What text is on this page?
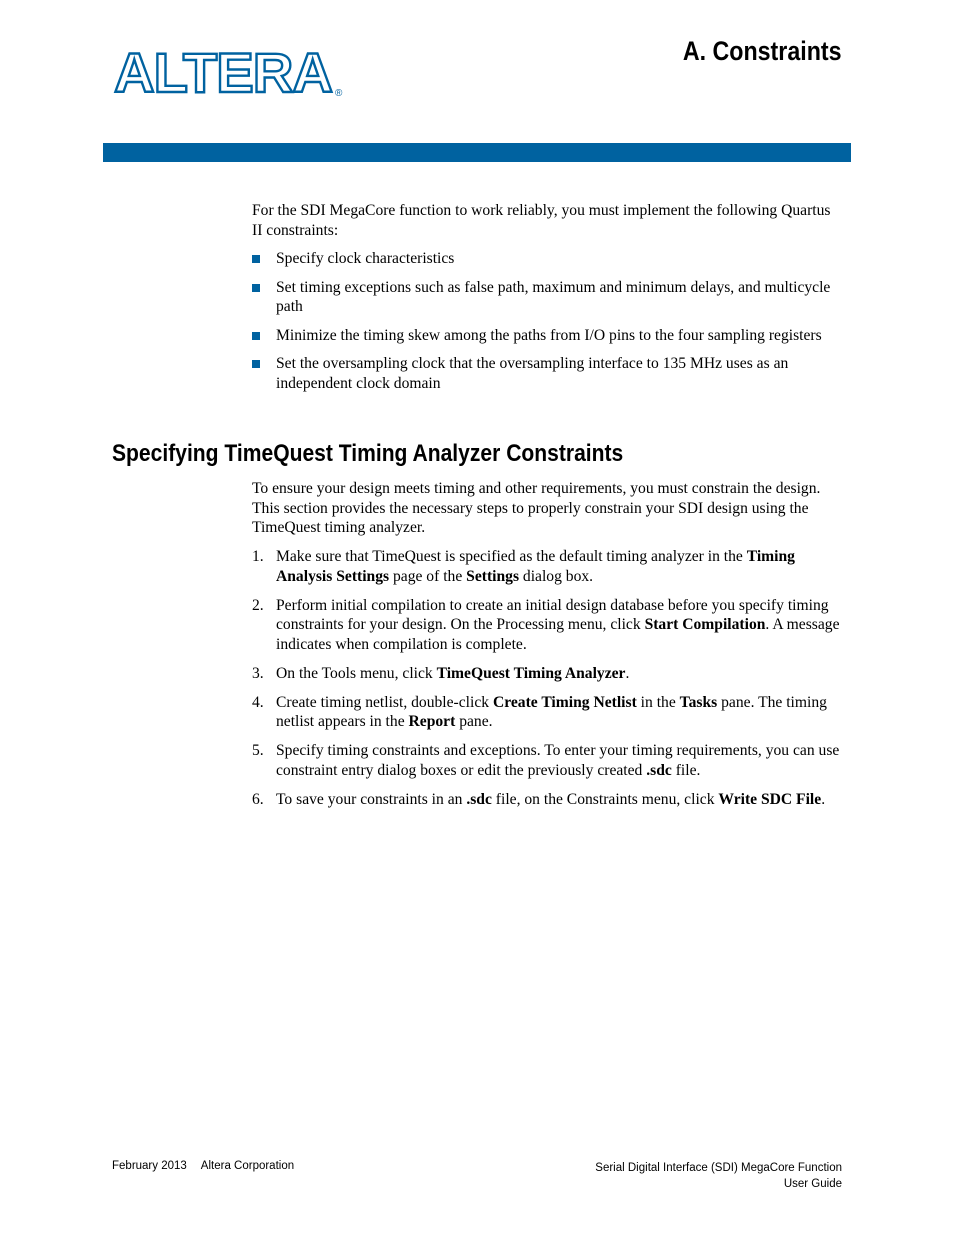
ALTERA ®
A. Constraints

For the SDI MegaCore function to work reliably, you must implement the following Quartus II constraints:

Specify clock characteristics
Set timing exceptions such as false path, maximum and minimum delays, and multicycle path
Minimize the timing skew among the paths from I/O pins to the four sampling registers
Set the oversampling clock that the oversampling interface to 135 MHz uses as an independent clock domain
Specifying TimeQuest Timing Analyzer Constraints

To ensure your design meets timing and other requirements, you must constrain the design. This section provides the necessary steps to properly constrain your SDI design using the TimeQuest timing analyzer.

1. Make sure that TimeQuest is specified as the default timing analyzer in the Timing Analysis Settings page of the Settings dialog box.
2. Perform initial compilation to create an initial design database before you specify timing constraints for your design. On the Processing menu, click Start Compilation. A message indicates when compilation is complete.
3. On the Tools menu, click TimeQuest Timing Analyzer.
4. Create timing netlist, double-click Create Timing Netlist in the Tasks pane. The timing netlist appears in the Report pane.
5. Specify timing constraints and exceptions. To enter your timing requirements, you can use constraint entry dialog boxes or edit the previously created .sdc file.
6. To save your constraints in an .sdc file, on the Constraints menu, click Write SDC File.
February 2013 Altera Corporation	Serial Digital Interface (SDI) MegaCore Function
User Guide
